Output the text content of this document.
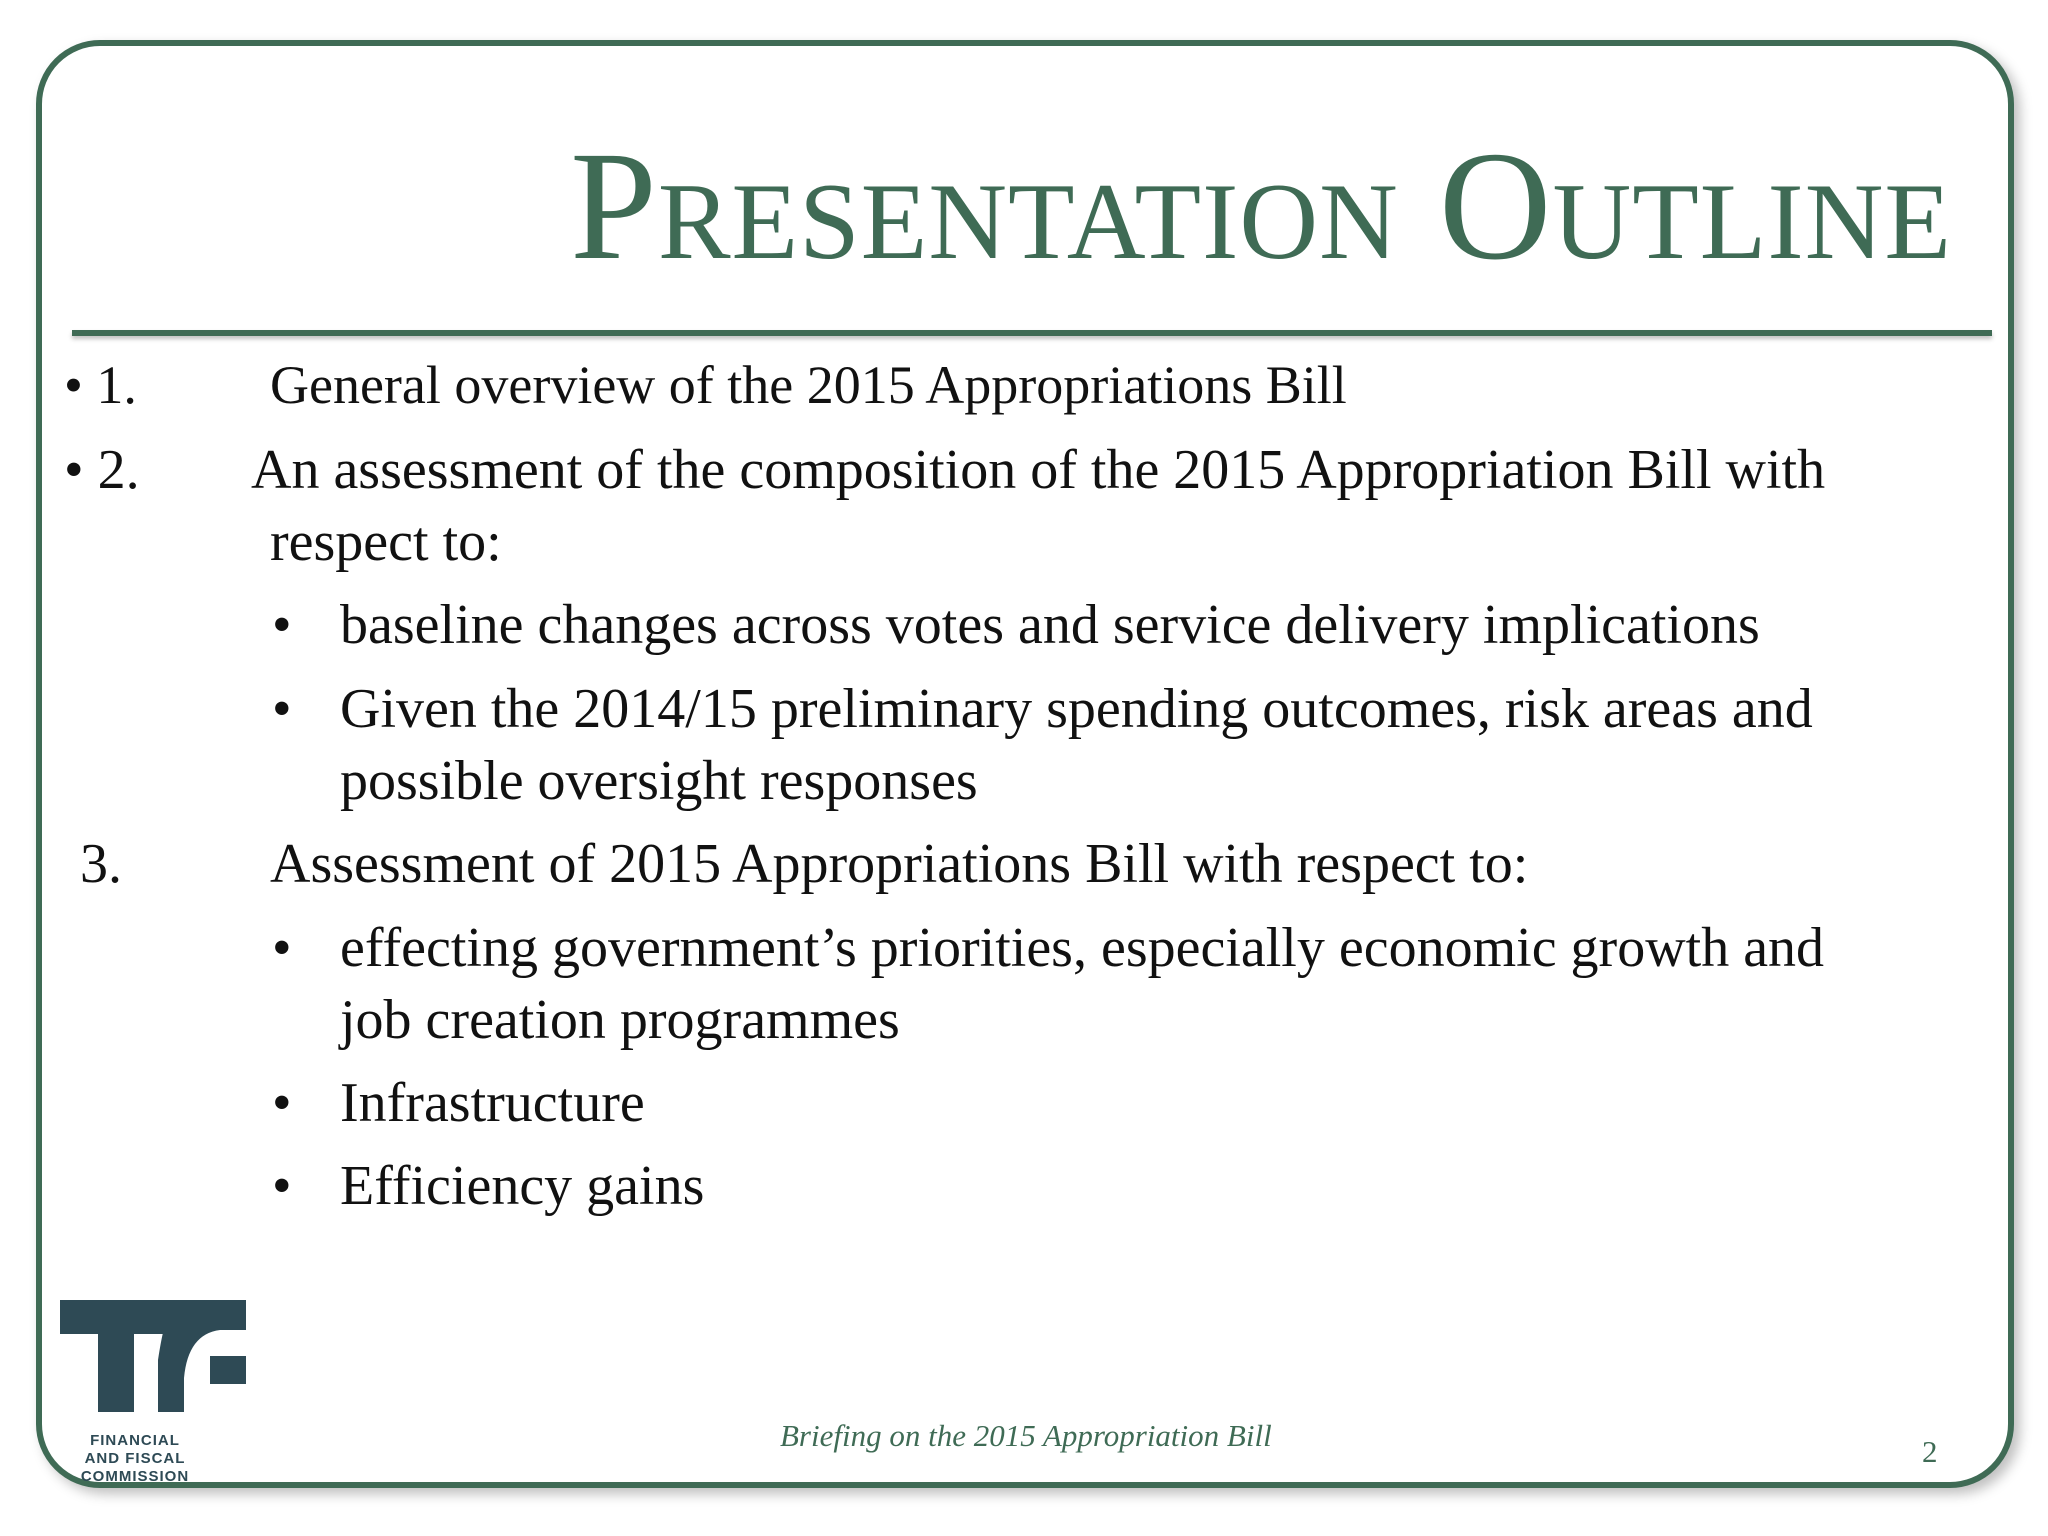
Presentation Outline
• 1. General overview of the 2015 Appropriations Bill
• 2. An assessment of the composition of the 2015 Appropriation Bill with
respect to:
• baseline changes across votes and service delivery implications
• Given the 2014/15 preliminary spending outcomes, risk areas and
possible oversight responses
3.	Assessment of 2015 Appropriations Bill with respect to:
• effecting government’s priorities, especially economic growth and
job creation programmes
• Infrastructure
• Efficiency gains
FINANCIAL
AND FISCAL
COMMISSION
Briefing on the 2015 Appropriation Bill	2
